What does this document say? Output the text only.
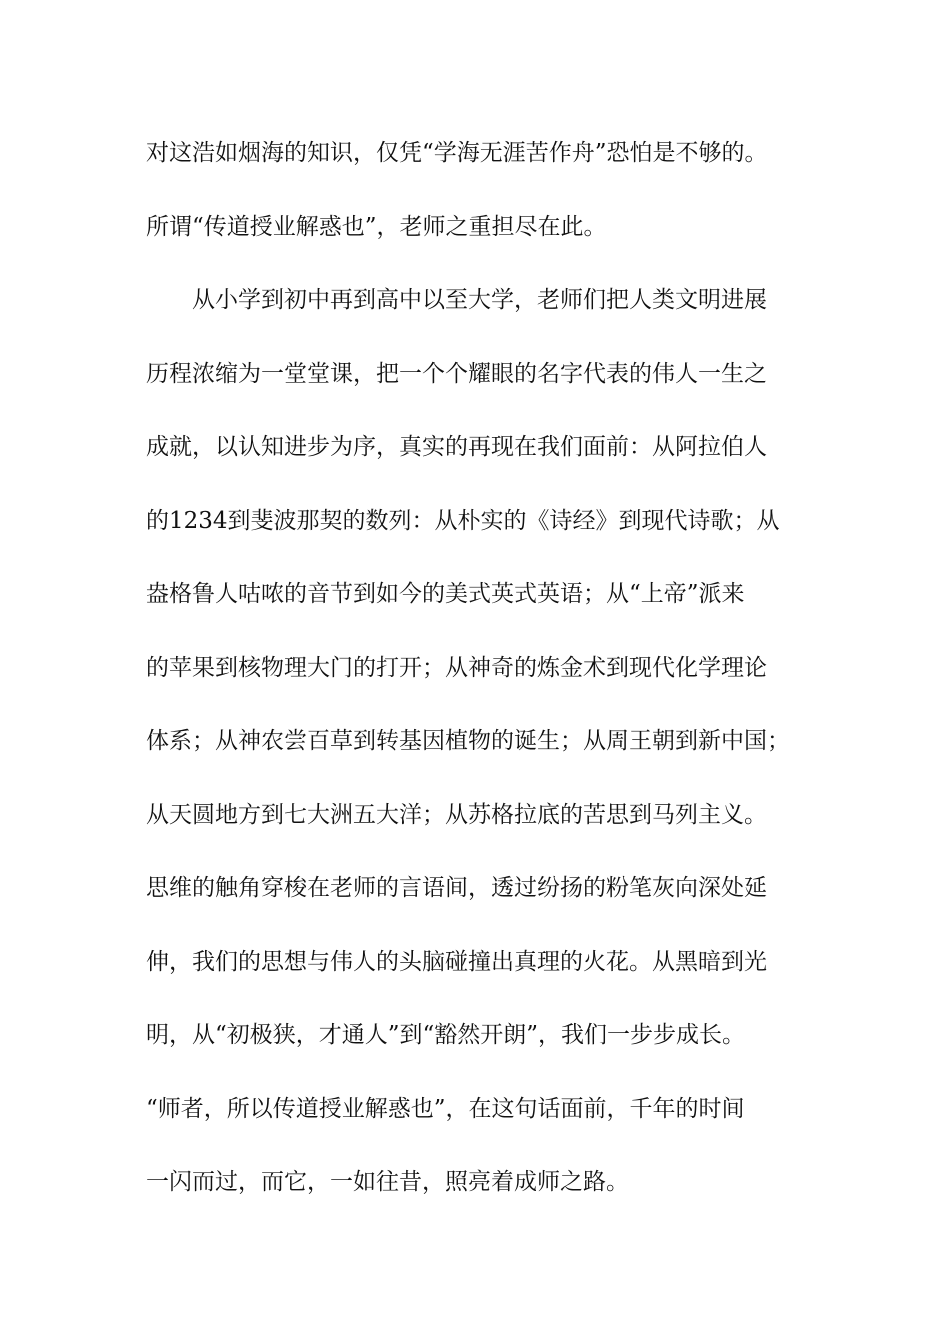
对这浩如烟海的知识，仅凭“学海无涯苦作舟”恐怕是不够的。
所谓“传道授业解惑也”，老师之重担尽在此。
从小学到初中再到高中以至大学，老师们把人类文明进展
历程浓缩为一堂堂课，把一个个耀眼的名字代表的伟人一生之
成就，以认知进步为序，真实的再现在我们面前：从阿拉伯人
的1234到斐波那契的数列：从朴实的《诗经》到现代诗歌；从
盎格鲁人咕哝的音节到如今的美式英式英语；从“上帝”派来
的苹果到核物理大门的打开；从神奇的炼金术到现代化学理论
体系；从神农尝百草到转基因植物的诞生；从周王朝到新中国；
从天圆地方到七大洲五大洋；从苏格拉底的苦思到马列主义。
思维的触角穿梭在老师的言语间，透过纷扬的粉笔灰向深处延
伸，我们的思想与伟人的头脑碰撞出真理的火花。从黑暗到光
明，从“初极狭，才通人”到“豁然开朗”，我们一步步成长。
“师者，所以传道授业解惑也”，在这句话面前，千年的时间
一闪而过，而它，一如往昔，照亮着成师之路。
